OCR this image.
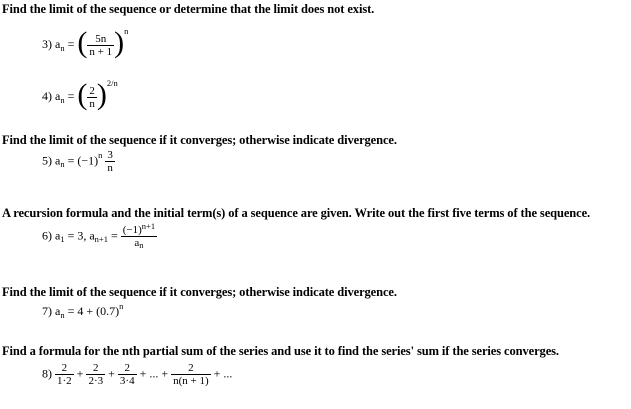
Find the limit of the sequence or determine that the limit does not exist.
3) $a_n$ = ( $\frac{5n}{n + 1} )^n$
4) $a_n$ = ( $\frac{2}{n} )^{2/n}$
Find the limit of the sequence if it converges; otherwise indicate divergence.
5) $a_n = (-1)^n \frac{3}{n}$
A recursion formula and the initial term(s) of a sequence are given. Write out the first five terms of the sequence.
6) $a_1 = 3$, $a_{n+1} = \frac{(-1)^{n+1}}{an}$
Find the limit of the sequence if it converges; otherwise indicate divergence.
7) $a_n = 4 + (0.7)^n$
Find a formula for the nth partial sum of the series and use it to find the series' sum if the series converges.
$8) \frac{2}{1\cdot 2} + \frac{2}{2\cdot 3} + \frac{2}{3\cdot 4}$ + ... + $\frac{2}{n(n + 1)}$ + ...
